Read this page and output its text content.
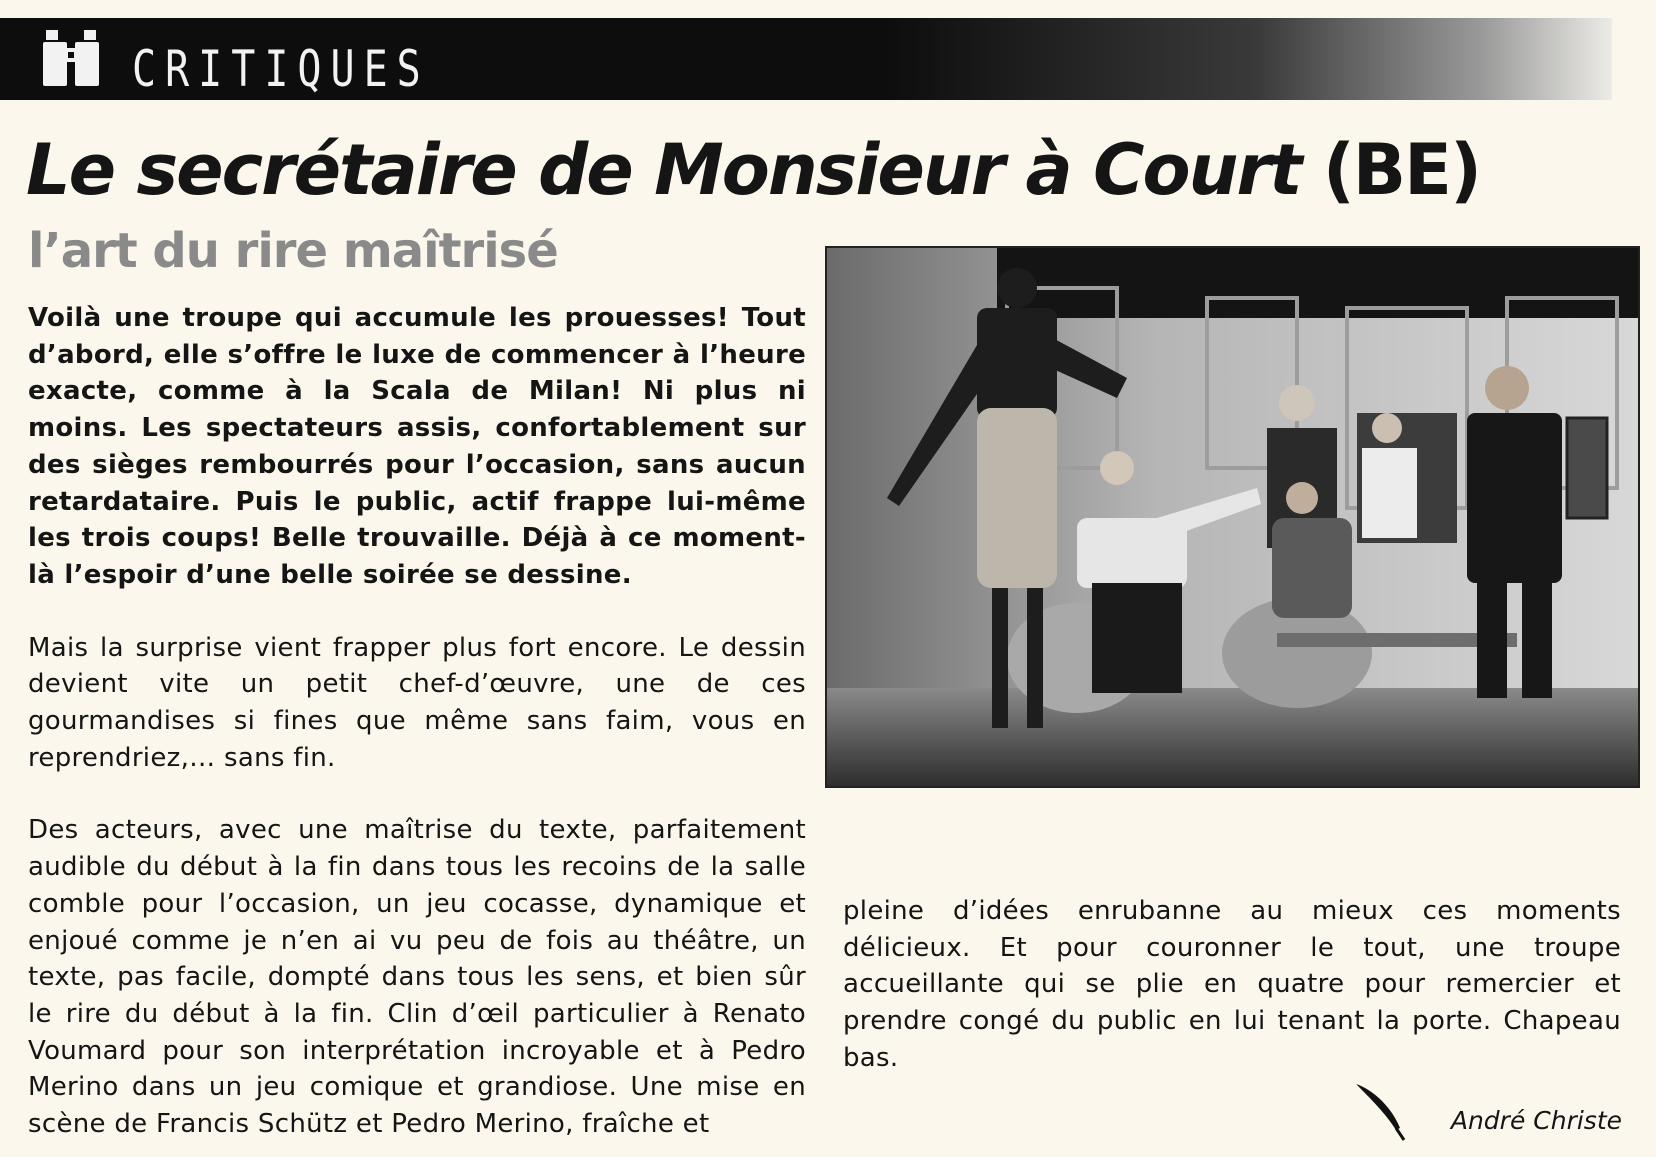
CRITIQUES
Le secrétaire de Monsieur à Court (BE)
l’art du rire maîtrisé

Voilà une troupe qui accumule les prouesses! Tout d’abord, elle s’offre le luxe de commencer à l’heure exacte, comme à la Scala de Milan! Ni plus ni moins. Les spectateurs assis, confortablement sur des sièges rembourrés pour l’occasion, sans aucun retardataire. Puis le public, actif frappe lui-même les trois coups! Belle trouvaille. Déjà à ce moment-là l’espoir d’une belle soirée se dessine.

Mais la surprise vient frapper plus fort encore. Le dessin devient vite un petit chef-d’œuvre, une de ces gourmandises si fines que même sans faim, vous en reprendriez,… sans fin.

Des acteurs, avec une maîtrise du texte, parfaitement audible du début à la fin dans tous les recoins de la salle comble pour l’occasion, un jeu cocasse, dynamique et enjoué comme je n’en ai vu peu de fois au théâtre, un texte, pas facile, dompté dans tous les sens, et bien sûr le rire du début à la fin. Clin d’œil particulier à Renato Voumard pour son interprétation incroyable et à Pedro Merino dans un jeu comique et grandiose. Une mise en scène de Francis Schütz et Pedro Merino, fraîche et

pleine d’idées enrubanne au mieux ces moments délicieux. Et pour couronner le tout, une troupe accueillante qui se plie en quatre pour remercier et prendre congé du public en lui tenant la porte. Chapeau bas.

André Christe
